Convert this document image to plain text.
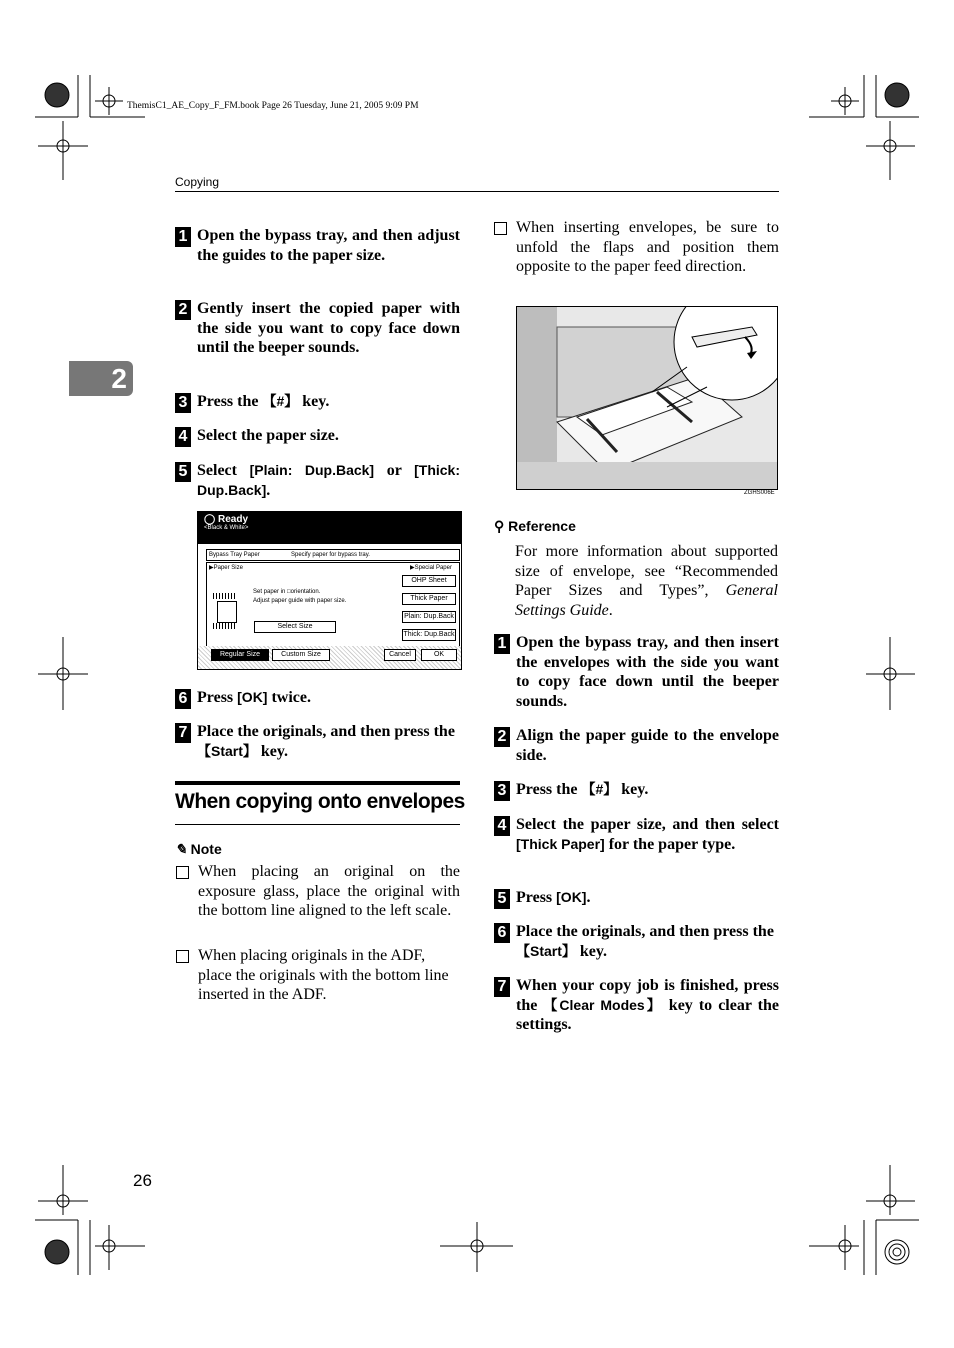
ThemisC1_AE_Copy_F_FM.book Page 26 Tuesday, June 21, 2005 9:09 PM
Copying
2
1 Open the bypass tray, and then adjust the guides to the paper size.
2 Gently insert the copied paper with the side you want to copy face down until the beeper sounds.
3 Press the 【#】 key.
4 Select the paper size.
5 Select [Plain: Dup.Back] or [Thick: Dup.Back].
◯ Ready
<Black & White>
Bypass Tray Paper	Specify paper for bypass tray.
▶Paper Size	▶Special Paper
Set paper in □orientation.
Adjust paper guide with paper size.
Select Size
OHP Sheet
Thick Paper
Plain: Dup.Back
Thick: Dup.Back
Regular Size	Custom Size	Cancel	OK
6 Press [OK] twice.
7 Place the originals, and then press the 【Start】 key.
When copying onto envelopes
✎ Note
When placing an original on the exposure glass, place the original with the bottom line aligned to the left scale.
When placing originals in the ADF, place the originals with the bottom line inserted in the ADF.
When inserting envelopes, be sure to unfold the flaps and position them opposite to the paper feed direction.
ZGHS006E
⚲ Reference
For more information about supported size of envelope, see “Recommended Paper Sizes and Types”, General Settings Guide.
1 Open the bypass tray, and then insert the envelopes with the side you want to copy face down until the beeper sounds.
2 Align the paper guide to the envelope side.
3 Press the 【#】 key.
4 Select the paper size, and then select [Thick Paper] for the paper type.
5 Press [OK].
6 Place the originals, and then press the 【Start】 key.
7 When your copy job is finished, press the 【Clear Modes】 key to clear the settings.
26
